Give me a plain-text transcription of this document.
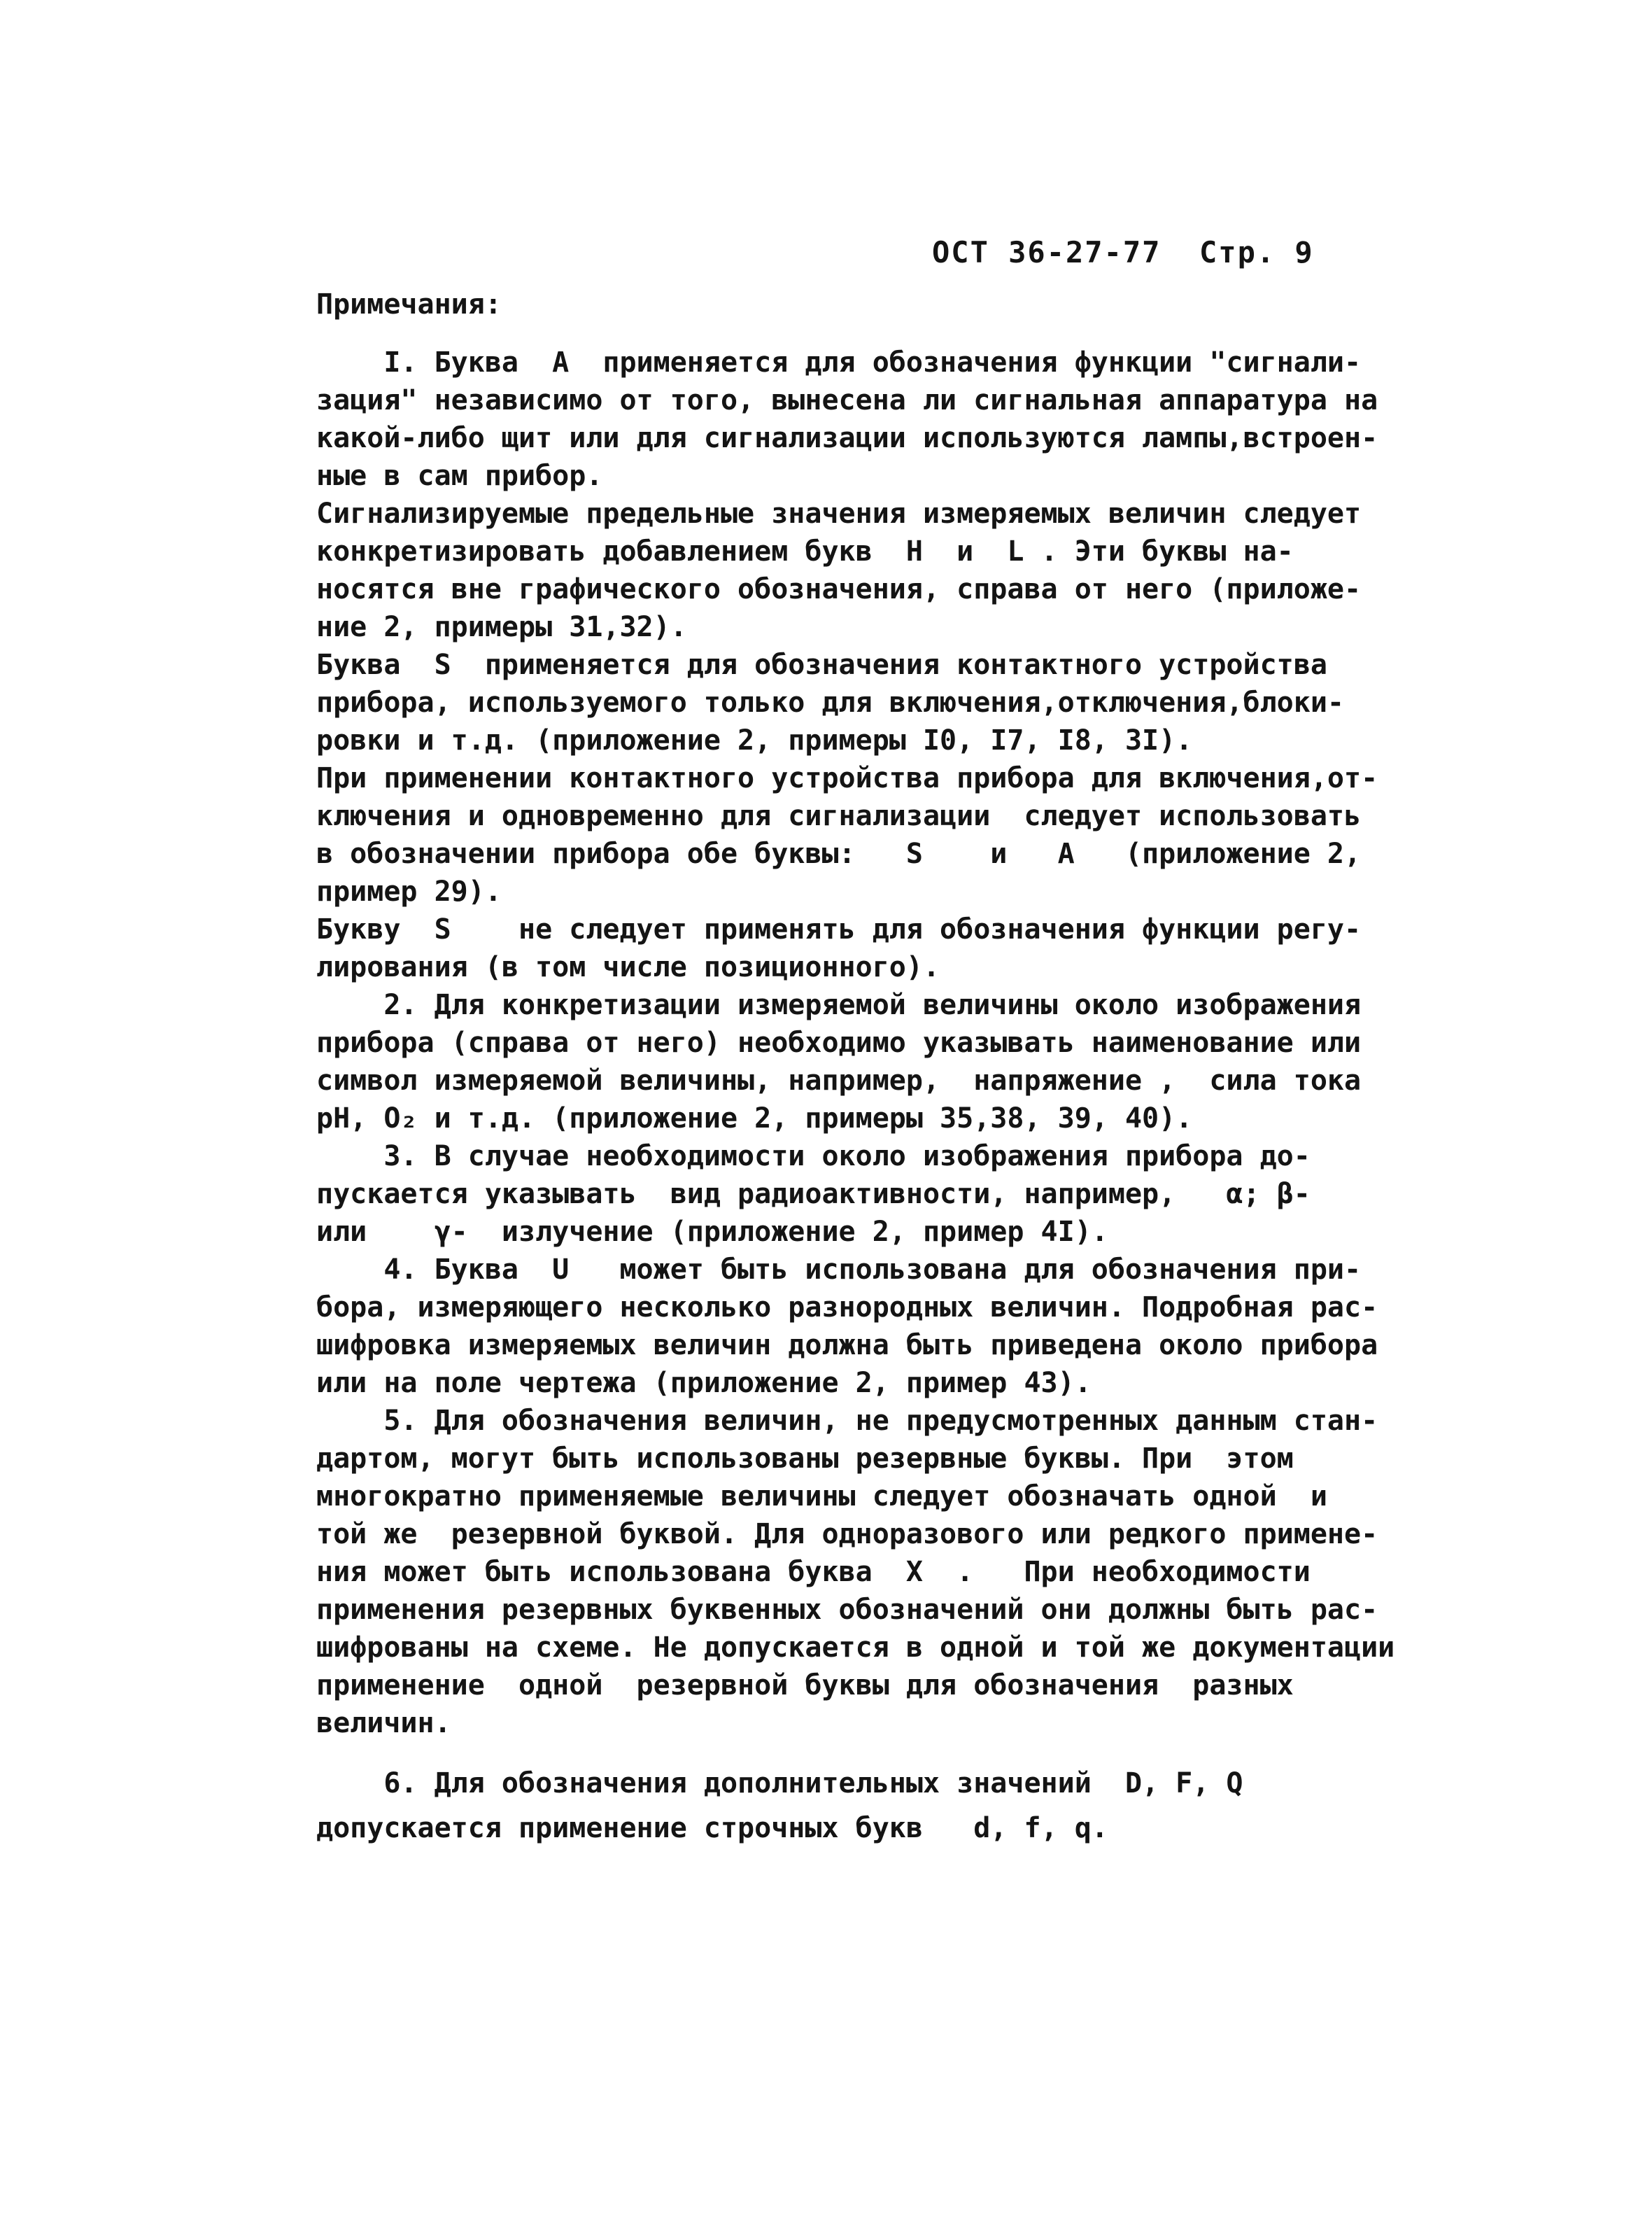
ОСТ 36-27-77  Стр. 9
Примечания:
I. Буква  А  применяется для обозначения функции "сигнали-
зация" независимо от того, вынесена ли сигнальная аппаратура на
какой-либо щит или для сигнализации используются лампы,встроен-
ные в сам прибор.
Сигнализируемые предельные значения измеряемых величин следует
конкретизировать добавлением букв  H  и  L . Эти буквы на-
носятся вне графического обозначения, справа от него (приложе-
ние 2, примеры 31,32).
Буква  S  применяется для обозначения контактного устройства
прибора, используемого только для включения,отключения,блоки-
ровки и т.д. (приложение 2, примеры I0, I7, I8, 3I).
При применении контактного устройства прибора для включения,от-
ключения и одновременно для сигнализации  следует использовать
в обозначении прибора обе буквы:   S    и   A   (приложение 2,
пример 29).
Букву  S    не следует применять для обозначения функции регу-
лирования (в том числе позиционного).
2. Для конкретизации измеряемой величины около изображения
прибора (справа от него) необходимо указывать наименование или
символ измеряемой величины, например,  напряжение ,  сила тока
pH, O₂ и т.д. (приложение 2, примеры 35,38, 39, 40).
3. В случае необходимости около изображения прибора до-
пускается указывать  вид радиоактивности, например,   α; β-
или    γ-  излучение (приложение 2, пример 4I).
4. Буква  U   может быть использована для обозначения при-
бора, измеряющего несколько разнородных величин. Подробная рас-
шифровка измеряемых величин должна быть приведена около прибора
или на поле чертежа (приложение 2, пример 43).
5. Для обозначения величин, не предусмотренных данным стан-
дартом, могут быть использованы резервные буквы. При  этом
многократно применяемые величины следует обозначать одной  и
той же  резервной буквой. Для одноразового или редкого примене-
ния может быть использована буква  X  .   При необходимости
применения резервных буквенных обозначений они должны быть рас-
шифрованы на схеме. Не допускается в одной и той же документации
применение  одной  резервной буквы для обозначения  разных
величин.
6. Для обозначения дополнительных значений  D, F, Q
допускается применение строчных букв   d, f, q.
